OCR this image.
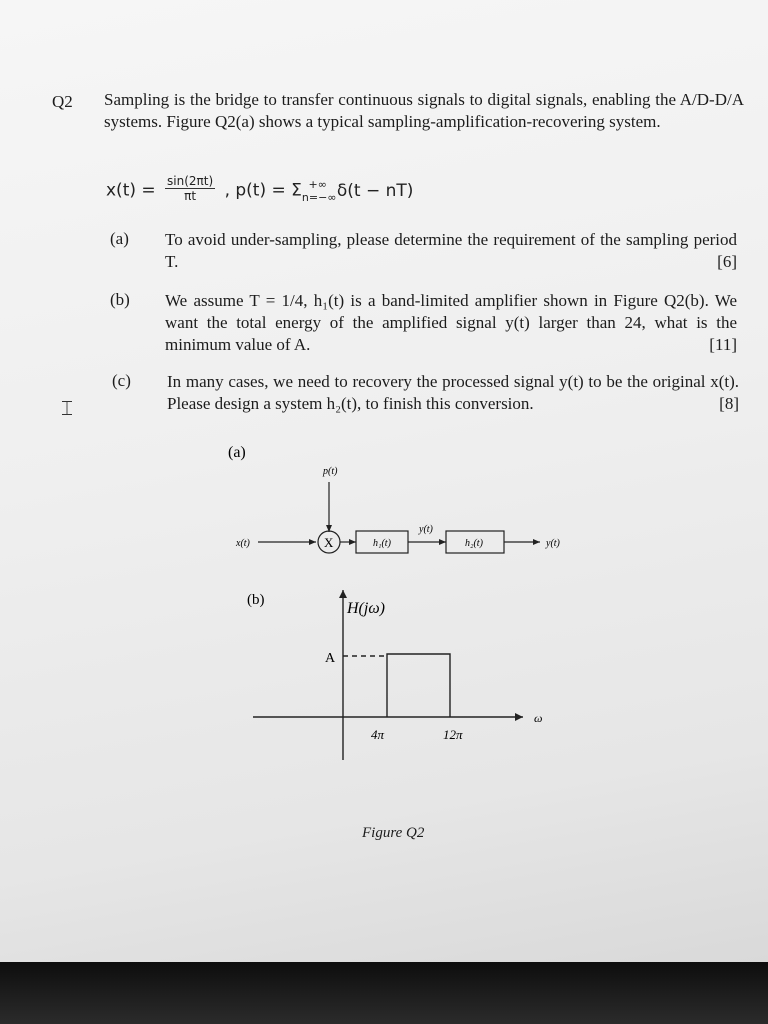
Q2 Sampling is the bridge to transfer continuous signals to digital signals, enabling the A/D-D/A systems. Figure Q2(a) shows a typical sampling-amplification-recovering system.
$x(t) = \frac{\sin(2\pi t)}{\pi t}$ , $p(t) = \Sigma_{n=-\infty}^{+\infty}$ δ(t − nT)
(a) To avoid under-sampling, please determine the requirement of the sampling period T.	[6]
(b) We assume T = 1/4, h₁(t) is a band-limited amplifier shown in Figure Q2(b). We want the total energy of the amplified signal y(t) larger than 24, what is the minimum value of A.	[11]
(c) In many cases, we need to recovery the processed signal y(t) to be the original x(t). Please design a system h₂(t), to finish this conversion.	[8]
⌶
(a)
p(t)
x(t)	X	h₁(t)
y(t)
h₂(t)	y(t)
(b)	H(jω)
ω
A
4π	12π
Figure Q2
